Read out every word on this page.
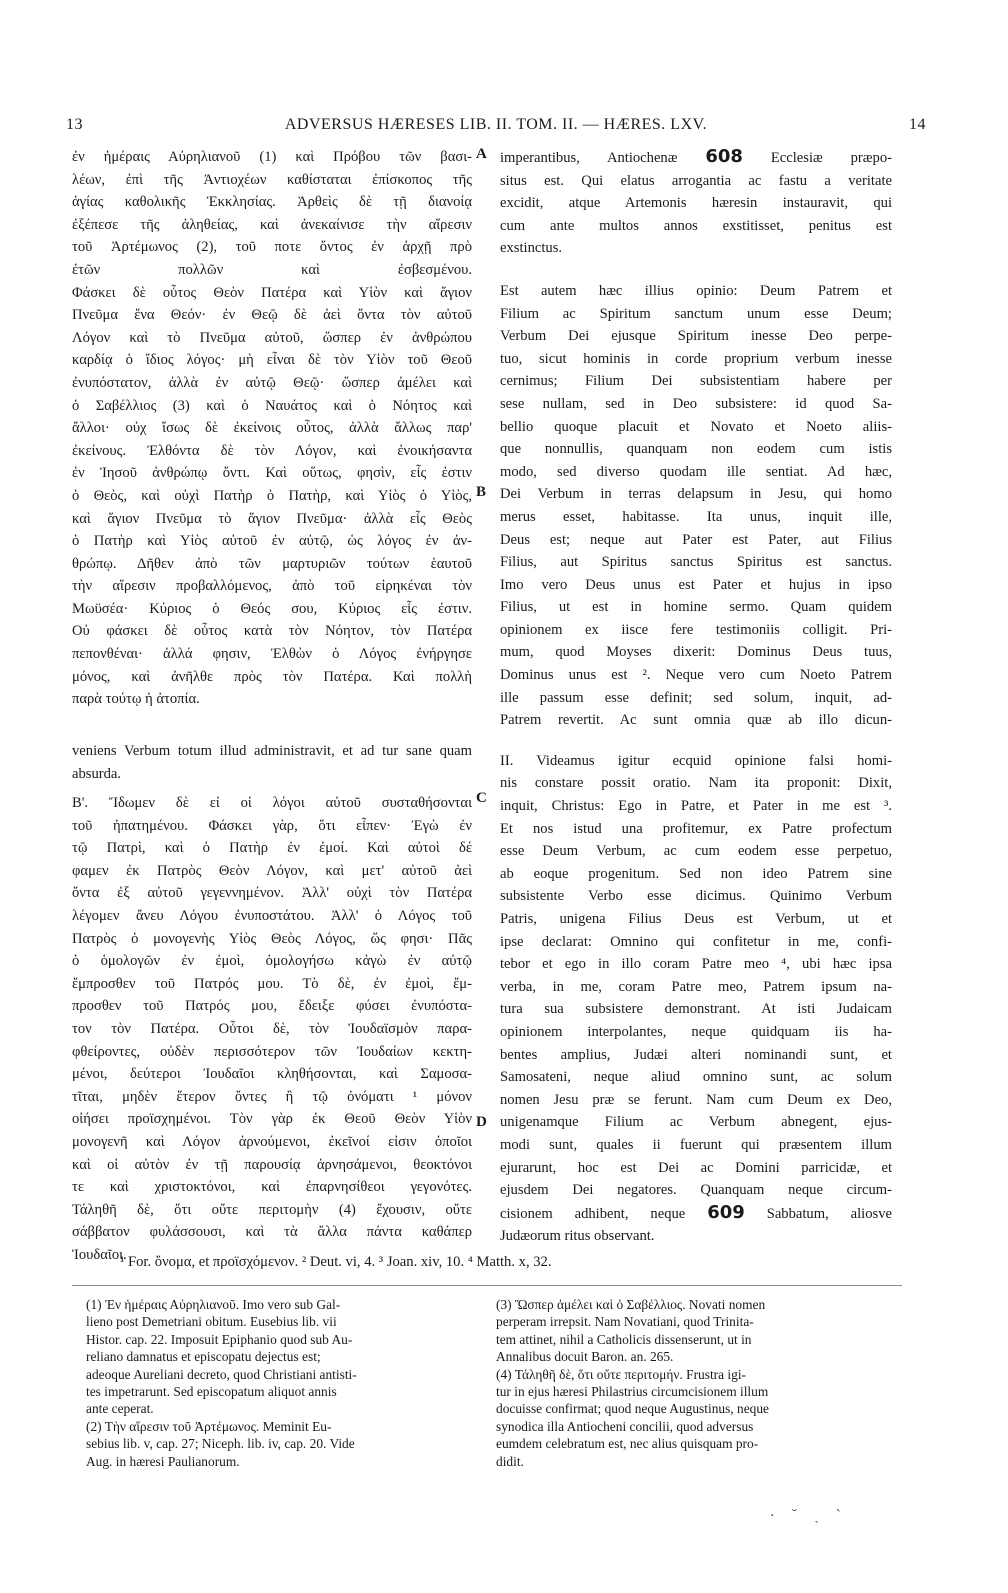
13	ADVERSUS HÆRESES LIB. II. TOM. II. — HÆRES. LXV.	14

ἐν ἡμέραις Αὐρηλιανοῦ (1) καὶ Πρόβου τῶν βασι-

λέων, ἐπὶ τῆς Ἀντιοχέων καθίσταται ἐπίσκοπος τῆς

ἁγίας καθολικῆς Ἐκκλησίας. Ἀρθεὶς δὲ τῇ διανοίᾳ

ἐξέπεσε τῆς ἀληθείας, καὶ ἀνεκαίνισε τὴν αἵρεσιν

τοῦ Ἀρτέμωνος (2), τοῦ ποτε ὄντος ἐν ἀρχῇ πρὸ

ἐτῶν πολλῶν καὶ ἐσβεσμένου.

Φάσκει δὲ οὗτος Θεὸν Πατέρα καὶ Υἱὸν καὶ ἅγιον

Πνεῦμα ἕνα Θεόν· ἐν Θεῷ δὲ ἀεὶ ὄντα τὸν αὐτοῦ

Λόγον καὶ τὸ Πνεῦμα αὐτοῦ, ὥσπερ ἐν ἀνθρώπου

καρδίᾳ ὁ ἴδιος λόγος· μὴ εἶναι δὲ τὸν Υἱὸν τοῦ Θεοῦ

ἐνυπόστατον, ἀλλὰ ἐν αὐτῷ Θεῷ· ὥσπερ ἀμέλει καὶ

ὁ Σαβέλλιος (3) καὶ ὁ Ναυάτος καὶ ὁ Νόητος καὶ

ἄλλοι· οὐχ ἴσως δὲ ἐκείνοις οὗτος, ἀλλὰ ἄλλως παρ'

ἐκείνους. Ἐλθόντα δὲ τὸν Λόγον, καὶ ἐνοικήσαντα

ἐν Ἰησοῦ ἀνθρώπῳ ὄντι. Καὶ οὕτως, φησὶν, εἷς ἐστιν

ὁ Θεὸς, καὶ οὐχὶ Πατὴρ ὁ Πατὴρ, καὶ Υἱὸς ὁ Υἱὸς,

καὶ ἅγιον Πνεῦμα τὸ ἅγιον Πνεῦμα· ἀλλὰ εἷς Θεὸς

ὁ Πατὴρ καὶ Υἱὸς αὐτοῦ ἐν αὐτῷ, ὡς λόγος ἐν ἀν-

θρώπῳ. Δῆθεν ἀπὸ τῶν μαρτυριῶν τούτων ἑαυτοῦ

τὴν αἵρεσιν προβαλλόμενος, ἀπὸ τοῦ εἰρηκέναι τὸν

Μωϋσέα· Κύριος ὁ Θεός σου, Κύριος εἷς ἐστιν.

Οὐ φάσκει δὲ οὗτος κατὰ τὸν Νόητον, τὸν Πατέρα

πεπονθέναι· ἀλλά φησιν, Ἐλθὼν ὁ Λόγος ἐνήργησε

μόνος, καὶ ἀνῆλθε πρὸς τὸν Πατέρα. Καὶ πολλὴ

παρὰ τούτῳ ἡ ἀτοπία.

imperantibus, Antiochenæ 608 Ecclesiæ præpo-

situs est. Qui elatus arrogantia ac fastu a veritate

excidit, atque Artemonis hæresin instauravit, qui

cum ante multos annos exstitisset, penitus est

exstinctus.

Est autem hæc illius opinio: Deum Patrem et

Filium ac Spiritum sanctum unum esse Deum;

Verbum Dei ejusque Spiritum inesse Deo perpe-

tuo, sicut hominis in corde proprium verbum inesse

cernimus; Filium Dei subsistentiam habere per

sese nullam, sed in Deo subsistere: id quod Sa-

bellio quoque placuit et Novato et Noeto aliis-

que nonnullis, quanquam non eodem cum istis

modo, sed diverso quodam ille sentiat. Ad hæc,

Dei Verbum in terras delapsum in Jesu, qui homo

merus esset, habitasse. Ita unus, inquit ille,

Deus est; neque aut Pater est Pater, aut Filius

Filius, aut Spiritus sanctus Spiritus est sanctus.

Imo vero Deus unus est Pater et hujus in ipso

Filius, ut est in homine sermo. Quam quidem

opinionem ex iisce fere testimoniis colligit. Pri-

mum, quod Moyses dixerit: Dominus Deus tuus,

Dominus unus est ². Neque vero cum Noeto Patrem

ille passum esse definit; sed solum, inquit, ad-

Patrem revertit. Ac sunt omnia quæ ab illo dicun-

II. Videamus igitur ecquid opinione falsi homi-

nis constare possit oratio. Nam ita proponit: Dixit,

inquit, Christus: Ego in Patre, et Pater in me est ³.

Et nos istud una profitemur, ex Patre profectum

esse Deum Verbum, ac cum eodem esse perpetuo,

ab eoque progenitum. Sed non ideo Patrem sine

subsistente Verbo esse dicimus. Quinimo Verbum

Patris, unigena Filius Deus est Verbum, ut et

ipse declarat: Omnino qui confitetur in me, confi-

tebor et ego in illo coram Patre meo ⁴, ubi hæc ipsa

verba, in me, coram Patre meo, Patrem ipsum na-

tura sua subsistere demonstrant. At isti Judaicam

opinionem interpolantes, neque quidquam iis ha-

bentes amplius, Judæi alteri nominandi sunt, et

Samosateni, neque aliud omnino sunt, ac solum

nomen Jesu præ se ferunt. Nam cum Deum ex Deo,

unigenamque Filium ac Verbum abnegent, ejus-

modi sunt, quales ii fuerunt qui præsentem illum

ejurarunt, hoc est Dei ac Domini parricidæ, et

ejusdem Dei negatores. Quanquam neque circum-

cisionem adhibent, neque 609 Sabbatum, aliosve

Judæorum ritus observant.

veniens Verbum totum illud administravit, et ad tur sane quam absurda.

Β'. Ἴδωμεν δὲ εἰ οἱ λόγοι αὐτοῦ συσταθήσονται

τοῦ ἠπατημένου. Φάσκει γὰρ, ὅτι εἶπεν· Ἐγὼ ἐν

τῷ Πατρὶ, καὶ ὁ Πατὴρ ἐν ἐμοί. Καὶ αὐτοὶ δέ

φαμεν ἐκ Πατρὸς Θεὸν Λόγον, καὶ μετ' αὐτοῦ ἀεὶ

ὄντα ἐξ αὐτοῦ γεγεννημένον. Ἀλλ' οὐχὶ τὸν Πατέρα

λέγομεν ἄνευ Λόγου ἐνυποστάτου. Ἀλλ' ὁ Λόγος τοῦ

Πατρὸς ὁ μονογενὴς Υἱὸς Θεὸς Λόγος, ὥς φησι· Πᾶς

ὁ ὁμολογῶν ἐν ἐμοὶ, ὁμολογήσω κἀγὼ ἐν αὐτῷ

ἔμπροσθεν τοῦ Πατρός μου. Τὸ δὲ, ἐν ἐμοὶ, ἔμ-

προσθεν τοῦ Πατρός μου, ἔδειξε φύσει ἐνυπόστα-

τον τὸν Πατέρα. Οὗτοι δὲ, τὸν Ἰουδαϊσμὸν παρα-

φθείροντες, οὐδὲν περισσότερον τῶν Ἰουδαίων κεκτη-

μένοι, δεύτεροι Ἰουδαῖοι κληθήσονται, καὶ Σαμοσα-

τῖται, μηδὲν ἕτερον ὄντες ἢ τῷ ὀνόματι ¹ μόνον

οἰήσει προϊσχημένοι. Τὸν γὰρ ἐκ Θεοῦ Θεὸν Υἱὸν

μονογενῆ καὶ Λόγον ἀρνούμενοι, ἐκεῖνοί εἰσιν ὁποῖοι

καὶ οἱ αὐτὸν ἐν τῇ παρουσίᾳ ἀρνησάμενοι, θεοκτόνοι

τε καὶ χριστοκτόνοι, καὶ ἐπαρνησίθεοι γεγονότες.

Τάληθῆ δὲ, ὅτι οὔτε περιτομὴν (4) ἔχουσιν, οὔτε

σάββατον φυλάσσουσι, καὶ τὰ ἄλλα πάντα καθάπερ

Ἰουδαῖοι.

A
B
C
D
¹ For. ὄνομα, et προϊσχόμενον. ² Deut. vi, 4. ³ Joan. xiv, 10. ⁴ Matth. x, 32.

(1) Ἐν ἡμέραις Αὐρηλιανοῦ. Imo vero sub Gal-

lieno post Demetriani obitum. Eusebius lib. vii

Histor. cap. 22. Imposuit Epiphanio quod sub Au-

reliano damnatus et episcopatu dejectus est;

adeoque Aureliani decreto, quod Christiani antisti-

tes impetrarunt. Sed episcopatum aliquot annis

ante ceperat.

(2) Τὴν αἵρεσιν τοῦ Ἀρτέμωνος. Meminit Eu-

sebius lib. v, cap. 27; Niceph. lib. iv, cap. 20. Vide

Aug. in hæresi Paulianorum.

(3) Ὥσπερ ἀμέλει καὶ ὁ Σαβέλλιος. Novati nomen

perperam irrepsit. Nam Novatiani, quod Trinita-

tem attinet, nihil a Catholicis dissenserunt, ut in

Annalibus docuit Baron. an. 265.

(4) Τάληθῆ δὲ, ὅτι οὔτε περιτομήν. Frustra igi-

tur in ejus hæresi Philastrius circumcisionem illum

docuisse confirmat; quod neque Augustinus, neque

synodica illa Antiocheni concilii, quod adversus

eumdem celebratum est, nec alius quisquam pro-

didit.

· ˘ ˎ ˋ
